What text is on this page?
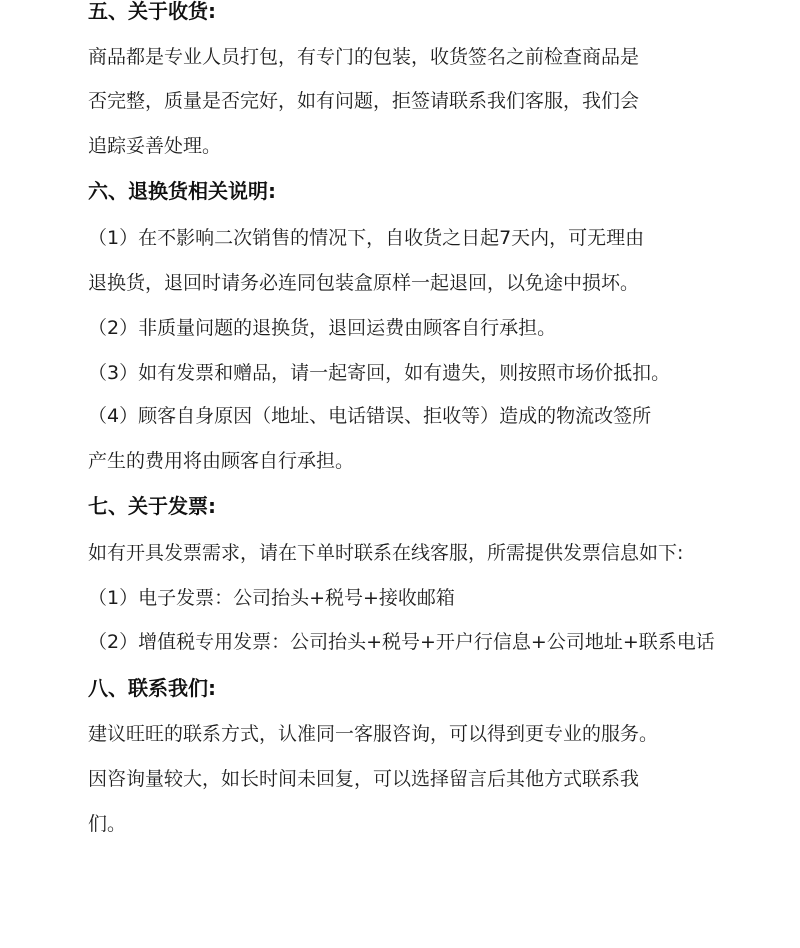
五、关于收货:
商品都是专业人员打包，有专门的包装，收货签名之前检查商品是
否完整，质量是否完好，如有问题，拒签请联系我们客服，我们会
追踪妥善处理。
六、退换货相关说明:
（1）在不影响二次销售的情况下，自收货之日起7天内，可无理由
退换货，退回时请务必连同包装盒原样一起退回，以免途中损坏。
（2）非质量问题的退换货，退回运费由顾客自行承担。
（3）如有发票和赠品，请一起寄回，如有遗失，则按照市场价抵扣。
（4）顾客自身原因（地址、电话错误、拒收等）造成的物流改签所
产生的费用将由顾客自行承担。
七、关于发票:
如有开具发票需求，请在下单时联系在线客服，所需提供发票信息如下:
（1）电子发票：公司抬头+税号+接收邮箱
（2）增值税专用发票：公司抬头+税号+开户行信息+公司地址+联系电话
八、联系我们:
建议旺旺的联系方式，认准同一客服咨询，可以得到更专业的服务。
因咨询量较大，如长时间未回复，可以选择留言后其他方式联系我
们。
